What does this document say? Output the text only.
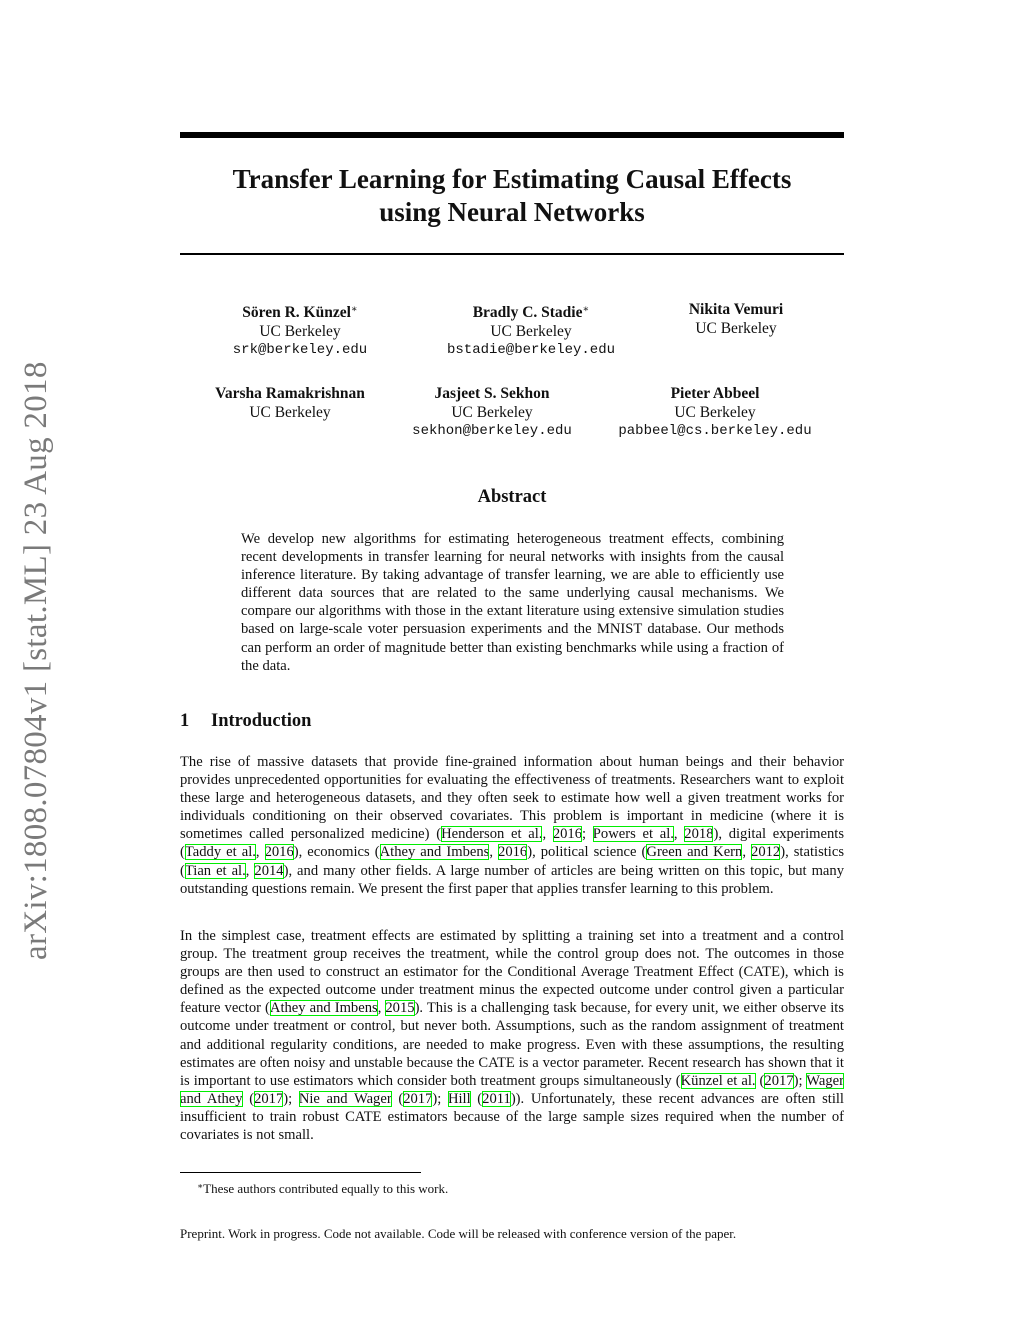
arXiv:1808.07804v1 [stat.ML] 23 Aug 2018
Transfer Learning for Estimating Causal Effects
using Neural Networks
Sören R. Künzel∗
UC Berkeley
srk@berkeley.edu
Bradly C. Stadie∗
UC Berkeley
bstadie@berkeley.edu
Nikita Vemuri
UC Berkeley
Varsha Ramakrishnan
UC Berkeley
Jasjeet S. Sekhon
UC Berkeley
sekhon@berkeley.edu
Pieter Abbeel
UC Berkeley
pabbeel@cs.berkeley.edu
Abstract

We develop new algorithms for estimating heterogeneous treatment effects, combining recent developments in transfer learning for neural networks with insights from the causal inference literature. By taking advantage of transfer learning, we are able to efficiently use different data sources that are related to the same underlying causal mechanisms. We compare our algorithms with those in the extant literature using extensive simulation studies based on large-scale voter persuasion experiments and the MNIST database. Our methods can perform an order of magnitude better than existing benchmarks while using a fraction of the data.

1 Introduction

The rise of massive datasets that provide fine-grained information about human beings and their behavior provides unprecedented opportunities for evaluating the effectiveness of treatments. Researchers want to exploit these large and heterogeneous datasets, and they often seek to estimate how well a given treatment works for individuals conditioning on their observed covariates. This problem is important in medicine (where it is sometimes called personalized medicine) (Henderson et al., 2016; Powers et al., 2018), digital experiments (Taddy et al., 2016), economics (Athey and Imbens, 2016), political science (Green and Kern, 2012), statistics (Tian et al., 2014), and many other fields. A large number of articles are being written on this topic, but many outstanding questions remain. We present the first paper that applies transfer learning to this problem.

In the simplest case, treatment effects are estimated by splitting a training set into a treatment and a control group. The treatment group receives the treatment, while the control group does not. The outcomes in those groups are then used to construct an estimator for the Conditional Average Treatment Effect (CATE), which is defined as the expected outcome under treatment minus the expected outcome under control given a particular feature vector (Athey and Imbens, 2015). This is a challenging task because, for every unit, we either observe its outcome under treatment or control, but never both. Assumptions, such as the random assignment of treatment and additional regularity conditions, are needed to make progress. Even with these assumptions, the resulting estimates are often noisy and unstable because the CATE is a vector parameter. Recent research has shown that it is important to use estimators which consider both treatment groups simultaneously (Künzel et al. (2017); Wager and Athey (2017); Nie and Wager (2017); Hill (2011)). Unfortunately, these recent advances are often still insufficient to train robust CATE estimators because of the large sample sizes required when the number of covariates is not small.

∗These authors contributed equally to this work.
Preprint. Work in progress. Code not available. Code will be released with conference version of the paper.
